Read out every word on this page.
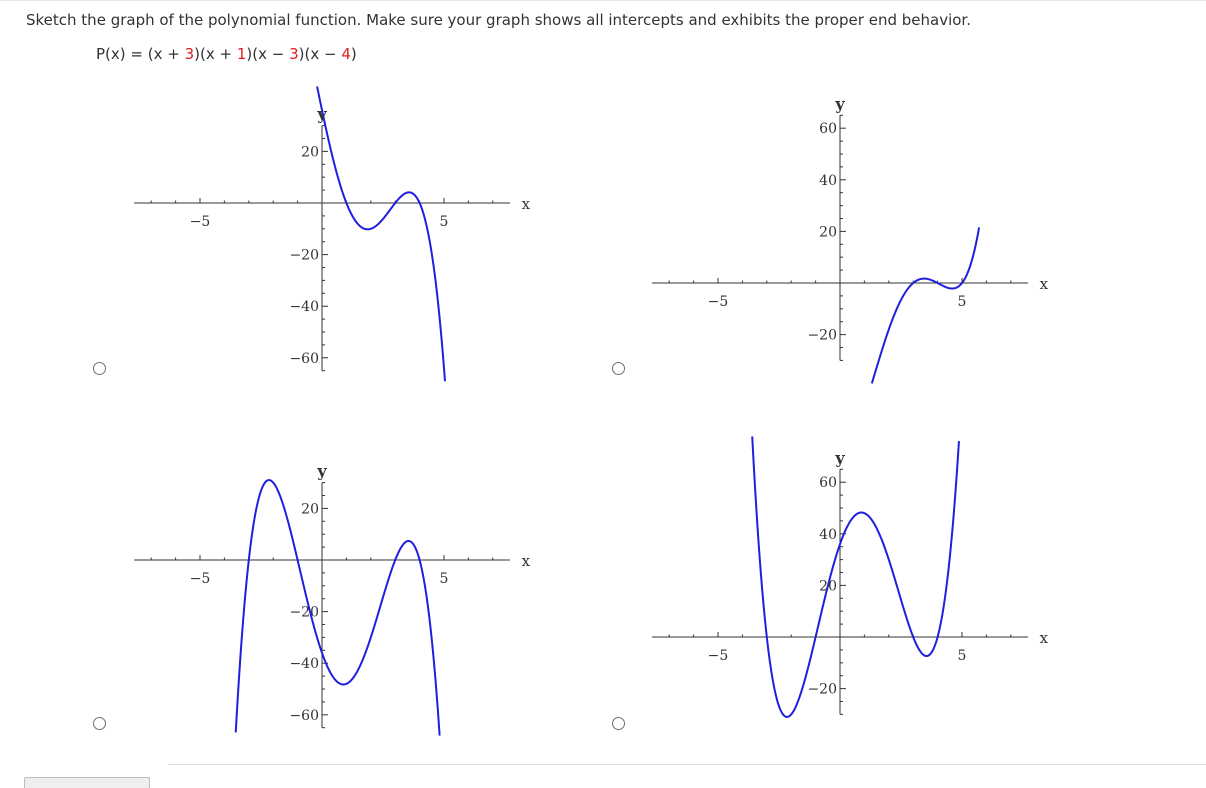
Sketch the graph of the polynomial function. Make sure your graph shows all intercepts and exhibits the proper end behavior.
P(x) = (x + 3)(x + 1)(x − 3)(x − 4)
−5	5
20
−20
−40
−60
x
y
−5	5
60
40
20
−20
x
y
−5	5
20
−20
−40
−60
x
y
−5	5
60
40
20
−20
x
y
